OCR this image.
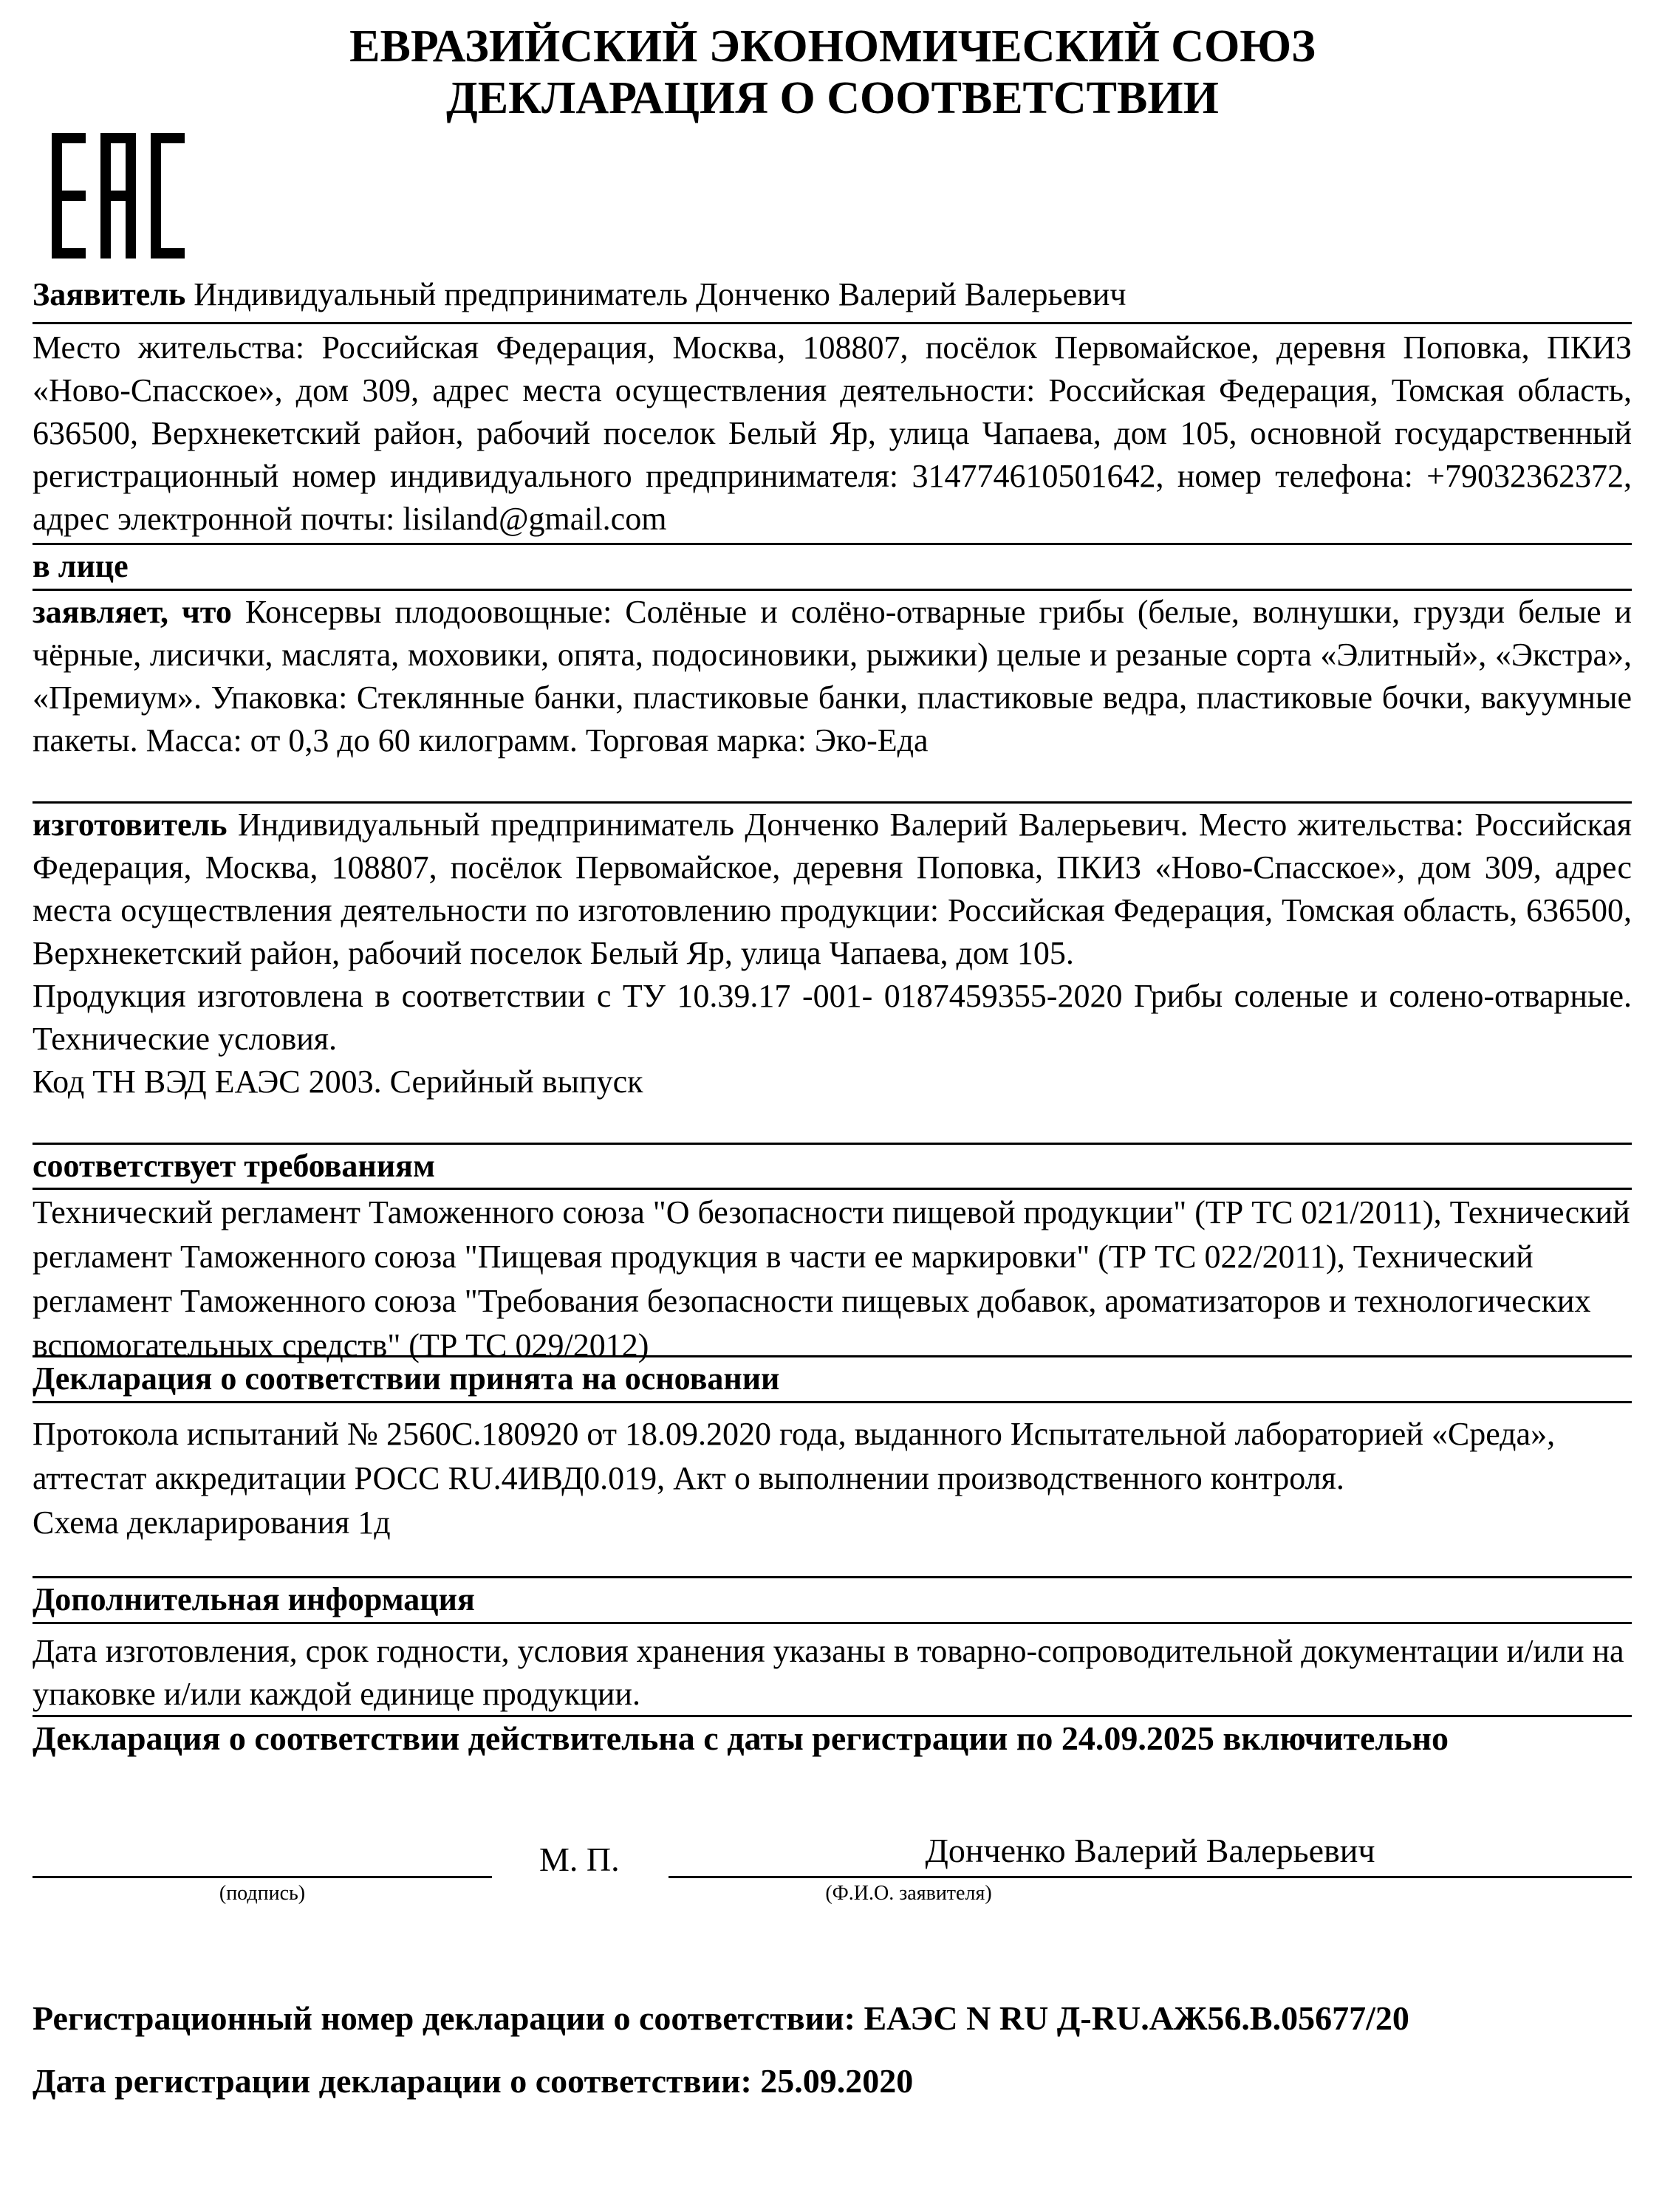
ЕВРАЗИЙСКИЙ ЭКОНОМИЧЕСКИЙ СОЮЗ
ДЕКЛАРАЦИЯ О СООТВЕТСТВИИ
Заявитель Индивидуальный предприниматель Дoнченко Валерий Валерьевич

Место жительства: Российская Федерация, Москва, 108807, посёлок Первомайское, деревня Поповка, ПКИЗ «Ново-Спасское», дом 309, адрес места осуществления деятельности: Российская Федерация, Томская область, 636500, Верхнекетский район, рабочий поселок Белый Яр, улица Чапаева, дом 105, основной государственный регистрационный номер индивидуального предпринимателя: 314774610501642, номер телефона: +79032362372, адрес электронной почты: lisiland@gmail.com

в лице

заявляет, что Консервы плодоовощные: Солёные и солёно-отварные грибы (белые, волнушки, грузди белые и чёрные, лисички, маслята, моховики, опята, подосиновики, рыжики) целые и резаные сорта «Элитный», «Экстра», «Премиум». Упаковка: Стеклянные банки, пластиковые банки, пластиковые ведра, пластиковые бочки, вакуумные пакеты. Масса: от 0,3 до 60 килограмм. Торговая марка: Эко-Еда

изготовитель Индивидуальный предприниматель Донченко Валерий Валерьевич. Место жительства: Российская Федерация, Москва, 108807, посёлок Первомайское, деревня Поповка, ПКИЗ «Ново-Спасское», дом 309, адрес места осуществления деятельности по изготовлению продукции: Российская Федерация, Томская область, 636500, Верхнекетский район, рабочий поселок Белый Яр, улица Чапаева, дом 105.

Продукция изготовлена в соответствии с ТУ 10.39.17 -001- 0187459355-2020 Грибы соленые и солено-отварные. Технические условия.

Код ТН ВЭД ЕАЭС 2003. Серийный выпуск

соответствует требованиям
Технический регламент Таможенного союза "О безопасности пищевой продукции" (ТР ТС 021/2011), Технический регламент Таможенного союза "Пищевая продукция в части ее маркировки" (ТР ТС 022/2011), Технический регламент Таможенного союза "Требования безопасности пищевых добавок, ароматизаторов и технологических вспомогательных средств" (ТР ТС 029/2012)
Декларация о соответствии принята на основании

Протокола испытаний № 2560С.180920 от 18.09.2020 года, выданного Испытательной лабораторией «Среда», аттестат аккредитации РОСС RU.4ИВД0.019, Акт о выполнении производственного контроля.

Схема декларирования 1д

Дополнительная информация
Дата изготовления, срок годности, условия хранения указаны в товарно-сопроводительной документации и/или на упаковке и/или каждой единице продукции.
Декларация о соответствии действительна с даты регистрации по 24.09.2025 включительно
(подпись)
М. П.	Донченко Валерий Валерьевич
(Ф.И.О. заявителя)
Регистрационный номер декларации о соответствии: ЕАЭС N RU Д-RU.АЖ56.В.05677/20
Дата регистрации декларации о соответствии: 25.09.2020
